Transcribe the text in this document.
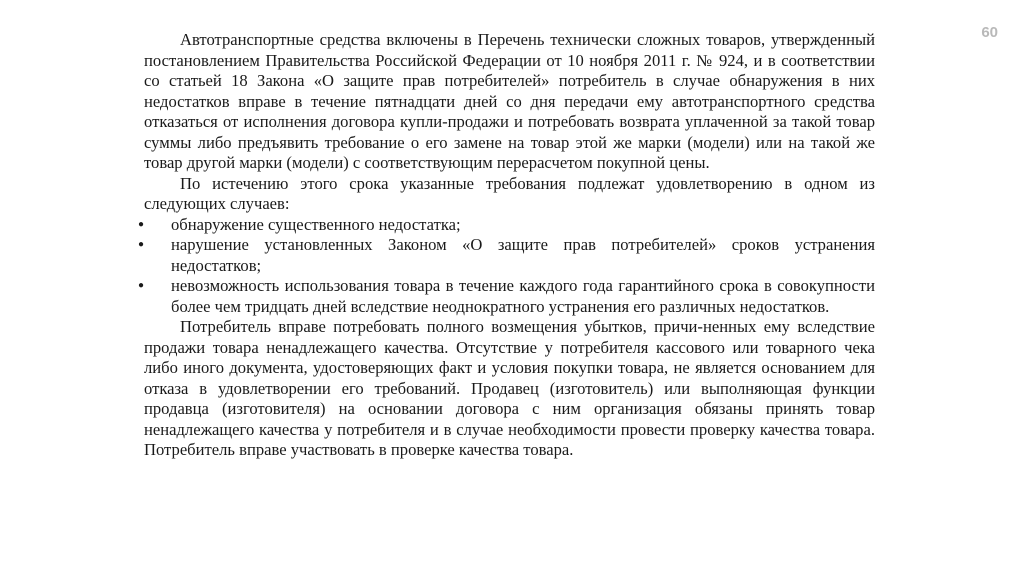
60

Автотранспортные средства включены в Перечень технически сложных товаров, утвержденный постановлением Правительства Российской Федерации от 10 ноября 2011 г. № 924, и в соответствии со статьей 18 Закона «О защите прав потребителей» потребитель в случае обнаружения в них недостатков вправе в течение пятнадцати дней со дня передачи ему автотранспортного средства отказаться от исполнения договора купли-продажи и потребовать возврата уплаченной за такой товар суммы либо предъявить требование о его замене на товар этой же марки (модели) или на такой же товар другой марки (модели) с соответствующим перерасчетом покупной цены.

По истечению этого срока указанные требования подлежат удовлетворению в одном из следующих случаев:

●	обнаружение существенного недостатка;
●	нарушение установленных Законом «О защите прав потребителей» сроков устранения недостатков;
●	невозможность использования товара в течение каждого года гарантийного срока в совокупности более чем тридцать дней вследствие неоднократного устранения его различных недостатков.

Потребитель вправе потребовать полного возмещения убытков, причи-ненных ему вследствие продажи товара ненадлежащего качества. Отсутствие у потребителя кассового или товарного чека либо иного документа, удостоверяющих факт и условия покупки товара, не является основанием для отказа в удовлетворении его требований. Продавец (изготовитель) или выполняющая функции продавца (изготовителя) на основании договора с ним организация обязаны принять товар ненадлежащего качества у потребителя и в случае необходимости провести проверку качества товара. Потребитель вправе участвовать в проверке качества товара.
